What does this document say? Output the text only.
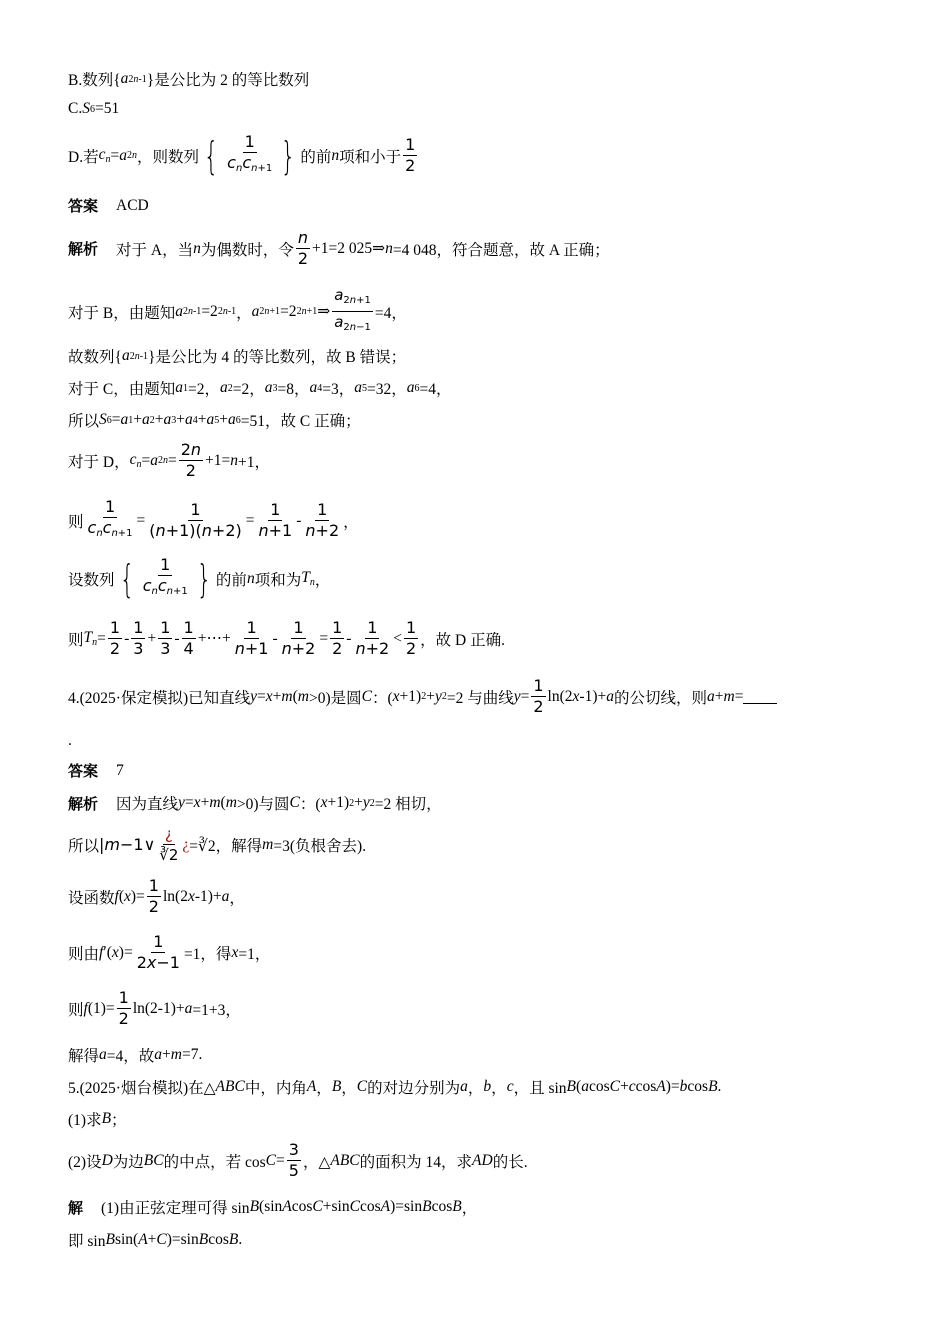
B.数列{ a 2n-1 }是公比为 2 的等比数列
C. S 6 =51
D.若 $c_n = a$ 2n ，则数列 { $\frac{1}{c_nc_{n+1}}$ } 的前 n 项和小于 $\frac{1}{2}$
答案 ACD
解析 对于 A，当 n 为偶数时，令 $\frac{n}{2} +1=2$ 025⇒ n =4 048，符合题意，故 A 正确；
对于 B，由题知 a 2n-1 =2 2n-1 ， a 2n+1 =2 2n+1 ⇒ $\frac{a_{2n+1}}{a_{2n-1}} =4$，
故数列{ a 2n-1 }是公比为 4 的等比数列，故 B 错误；
对于 C，由题知 a 1 =2， a 2 =2， a 3 =8， a 4 =3， a 5 =32， a 6 =4，
所以 S 6 = a 1 + a 2 + a 3 + a 4 + a 5 + a 6 =51，故 C 正确；
对于 D， $c_n = a$ $2n = \frac{2n}{2} +1= n +1$，
则 $\frac{1}{c_nc_{n+1}} = \frac{1}{(n+1)(n+2)} = \frac{1}{n+1} - \frac{1}{n+2}$ ，
设数列 { $\frac{1}{c_nc_{n+1}}$ } 的前 n 项和为 $T_n$ ，
则 $T_n = \frac{1}{2} - \frac{1}{3} + \frac{1}{3} - \frac{1}{4}$ +⋯+ $\frac{1}{n+1} - \frac{1}{n+2} = \frac{1}{2} - \frac{1}{n+2} < \frac{1}{2}$ ，故 D 正确.
4.(2025·保定模拟)已知直线 y = x + m ( m >0)是圆 C ：( x +1) 2 + y 2 =2 与曲线 $y = \frac{1}{2} \ln(2$ x -1)+ a 的公切线，则 a + m =
.
答案 7
解析 因为直线 y = x + m ( m >0)与圆 C ：( x +1) 2 + y 2 =2 相切，
所以 |m−1∨ $\frac{¿}{∛2}$ ¿ =∛2，解得 m =3(负根舍去).
设函数 f ( x )= $\frac{1}{2} \ln(2$ x -1)+ a ，
则由 f ′( x )= $\frac{1}{2x-1} =1$，得 x =1，
则 f $(1)= \frac{1}{2} \ln(2-1)+ a =1+3$，
解得 a =4，故 a + m =7.
5.(2025·烟台模拟)在△ ABC 中，内角 A ， B ， C 的对边分别为 a ， b ， c ，且 sin B ( a cos C + c cos A )= b cos B .
(1)求 B ；
(2)设 D 为边 BC 的中点，若 $\cos C = \frac{3}{5}$ ，△ ABC 的面积为 14，求 AD 的长.
解 (1)由正弦定理可得 sin B (sin A cos C +sin C cos A )=sin B cos B ，
即 sin B sin( A + C )=sin B cos B .
